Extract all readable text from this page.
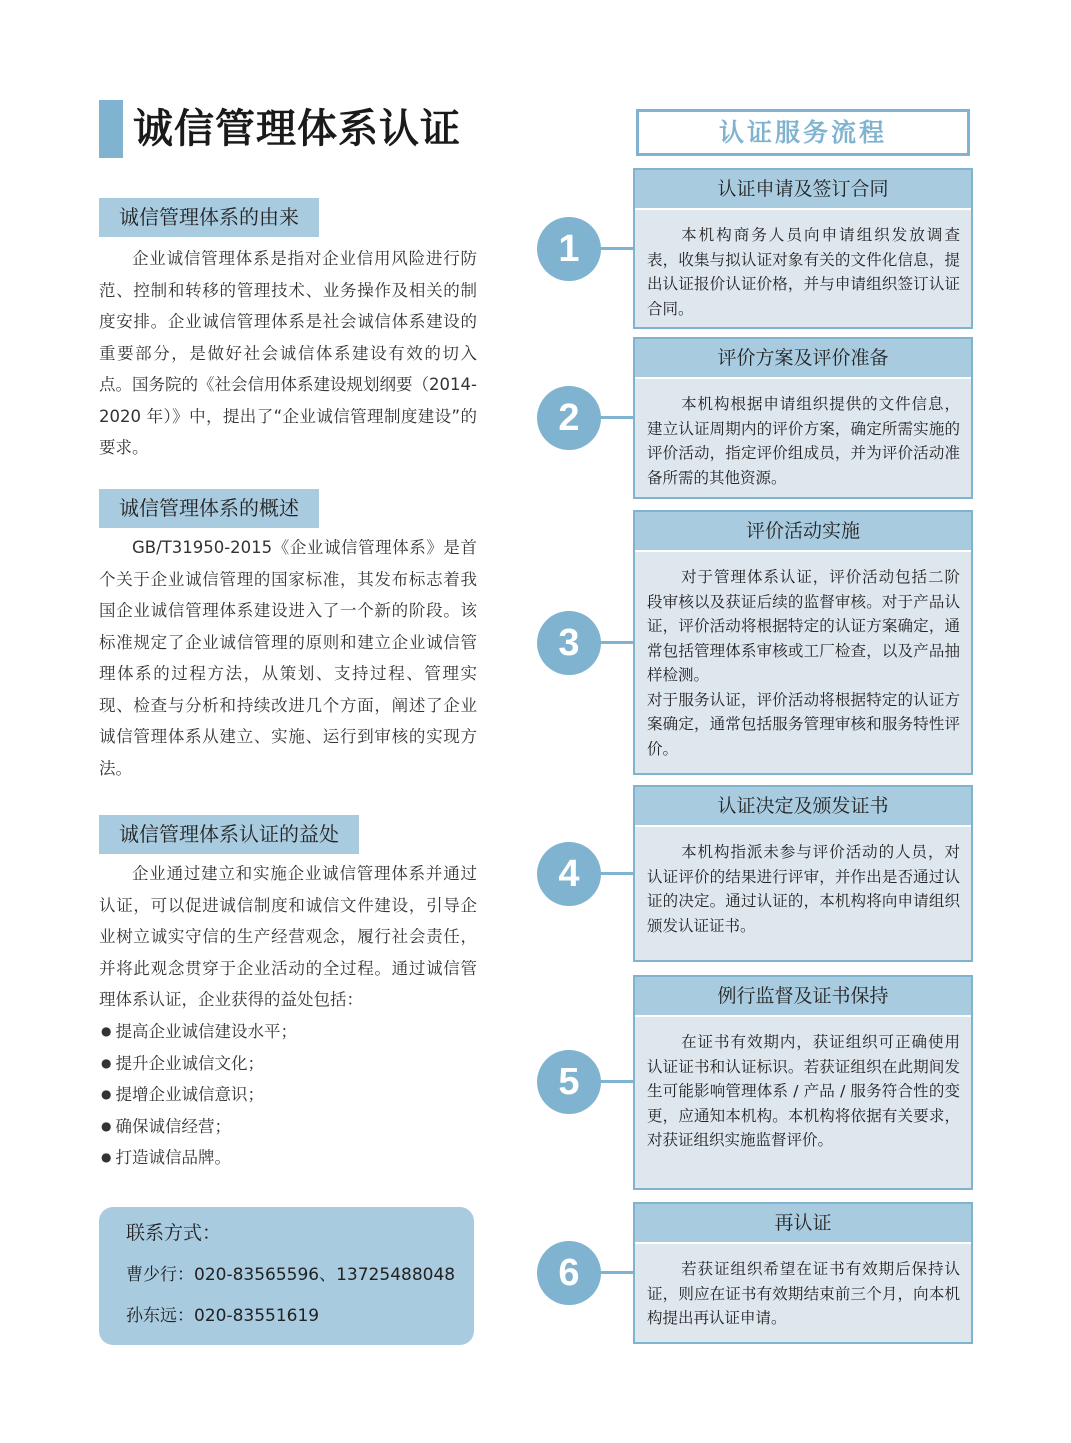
诚信管理体系认证
诚信管理体系的由来

企业诚信管理体系是指对企业信用风险进行防范、控制和转移的管理技术、业务操作及相关的制度安排。企业诚信管理体系是社会诚信体系建设的重要部分，是做好社会诚信体系建设有效的切入点。国务院的《社会信用体系建设规划纲要（2014-2020 年）》中，提出了“企业诚信管理制度建设”的要求。

诚信管理体系的概述

GB/T31950-2015《企业诚信管理体系》是首个关于企业诚信管理的国家标准，其发布标志着我国企业诚信管理体系建设进入了一个新的阶段。该标准规定了企业诚信管理的原则和建立企业诚信管理体系的过程方法，从策划、支持过程、管理实现、检查与分析和持续改进几个方面，阐述了企业诚信管理体系从建立、实施、运行到审核的实现方法。

诚信管理体系认证的益处

企业通过建立和实施企业诚信管理体系并通过认证，可以促进诚信制度和诚信文件建设，引导企业树立诚实守信的生产经营观念，履行社会责任，并将此观念贯穿于企业活动的全过程。通过诚信管理体系认证，企业获得的益处包括：

● 提高企业诚信建设水平；
● 提升企业诚信文化；
● 提增企业诚信意识；
● 确保诚信经营；
● 打造诚信品牌。
联系方式：
曹少行：020-83565596、13725488048
孙东远：020-83551619
认证服务流程
认证申请及签订合同
本机构商务人员向申请组织发放调查表，收集与拟认证对象有关的文件化信息，提出认证报价认证价格，并与申请组织签订认证合同。
1
评价方案及评价准备
本机构根据申请组织提供的文件信息，建立认证周期内的评价方案，确定所需实施的评价活动，指定评价组成员，并为评价活动准备所需的其他资源。
2
评价活动实施
对于管理体系认证，评价活动包括二阶段审核以及获证后续的监督审核。对于产品认证，评价活动将根据特定的认证方案确定，通常包括管理体系审核或工厂检查，以及产品抽样检测。
对于服务认证，评价活动将根据特定的认证方案确定，通常包括服务管理审核和服务特性评价。
3
认证决定及颁发证书
本机构指派未参与评价活动的人员，对认证评价的结果进行评审，并作出是否通过认证的决定。通过认证的，本机构将向申请组织颁发认证证书。
4
例行监督及证书保持
在证书有效期内，获证组织可正确使用认证证书和认证标识。若获证组织在此期间发生可能影响管理体系 / 产品 / 服务符合性的变更，应通知本机构。本机构将依据有关要求，对获证组织实施监督评价。
5
再认证
若获证组织希望在证书有效期后保持认证，则应在证书有效期结束前三个月，向本机构提出再认证申请。
6
